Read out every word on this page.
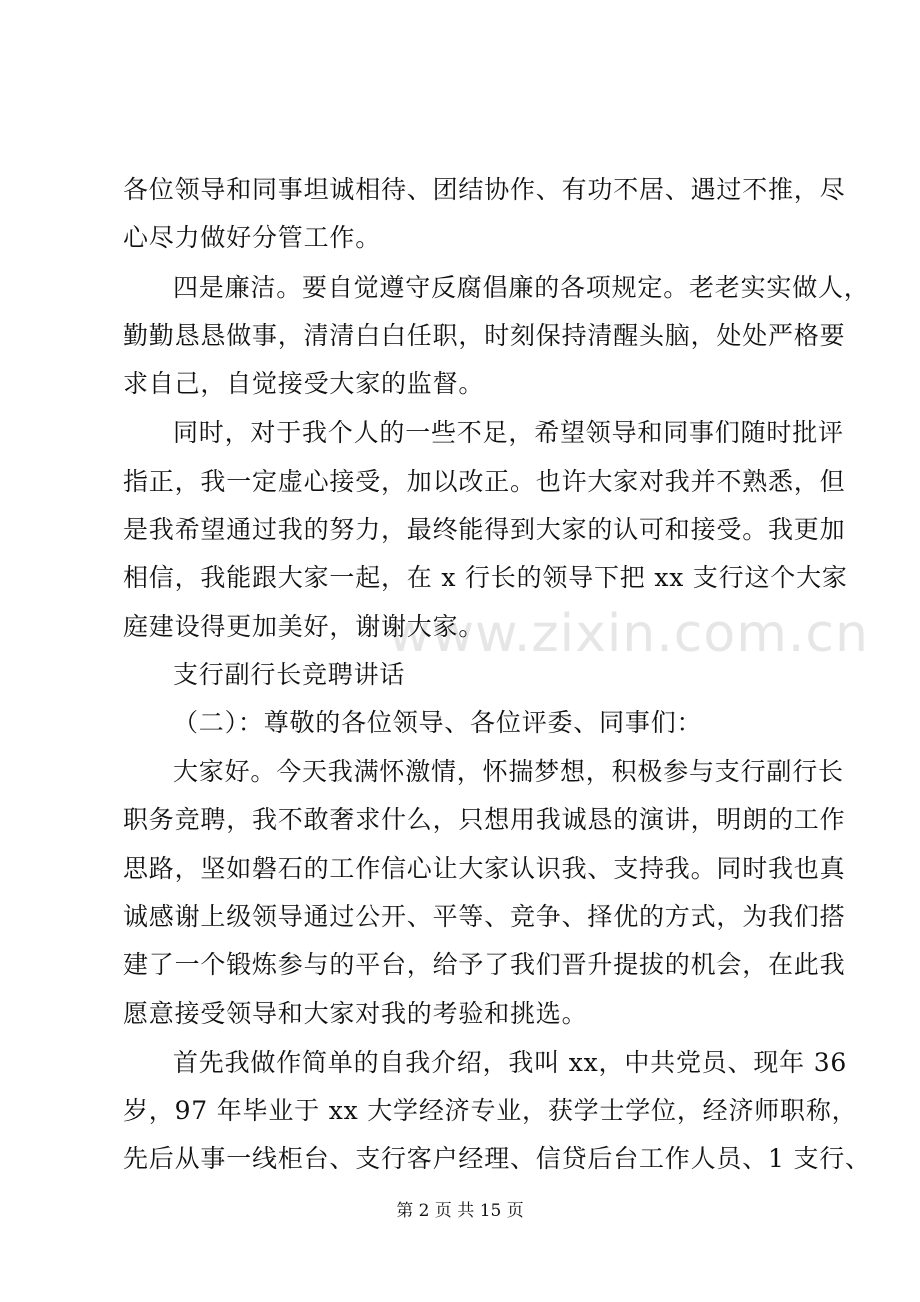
www.zixin.com.cn
各位领导和同事坦诚相待、团结协作、有功不居、遇过不推，尽
心尽力做好分管工作。
四是廉洁。要自觉遵守反腐倡廉的各项规定。老老实实做人，
勤勤恳恳做事，清清白白任职，时刻保持清醒头脑，处处严格要
求自己，自觉接受大家的监督。
同时，对于我个人的一些不足，希望领导和同事们随时批评
指正，我一定虚心接受，加以改正。也许大家对我并不熟悉，但
是我希望通过我的努力，最终能得到大家的认可和接受。我更加
相信，我能跟大家一起，在 x 行长的领导下把 xx 支行这个大家
庭建设得更加美好，谢谢大家。
支行副行长竞聘讲话
（二）：尊敬的各位领导、各位评委、同事们：
大家好。今天我满怀激情，怀揣梦想，积极参与支行副行长
职务竞聘，我不敢奢求什么，只想用我诚恳的演讲，明朗的工作
思路，坚如磐石的工作信心让大家认识我、支持我。同时我也真
诚感谢上级领导通过公开、平等、竞争、择优的方式，为我们搭
建了一个锻炼参与的平台，给予了我们晋升提拔的机会，在此我
愿意接受领导和大家对我的考验和挑选。
首先我做作简单的自我介绍，我叫 xx，中共党员、现年 36
岁，97 年毕业于 xx 大学经济专业，获学士学位，经济师职称，
先后从事一线柜台、支行客户经理、信贷后台工作人员、1 支行、
第 2 页 共 15 页
